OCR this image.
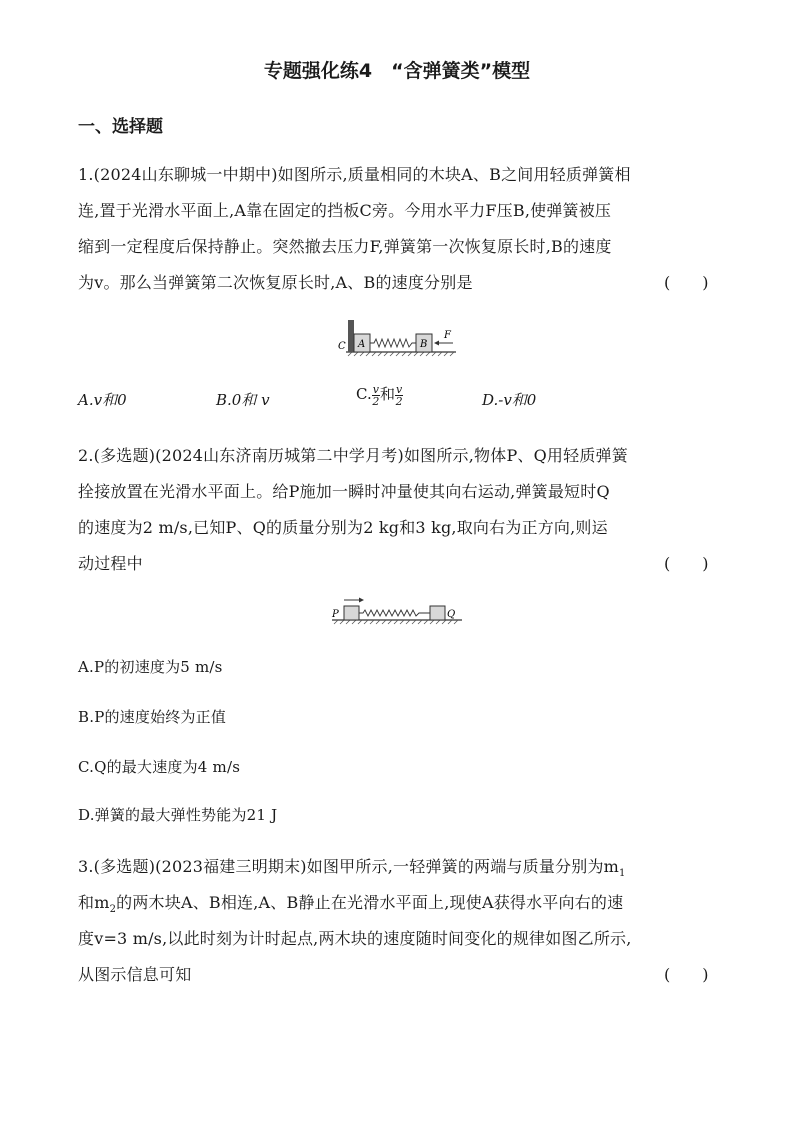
专题强化练4　“含弹簧类”模型
一、选择题
1.(2024山东聊城一中期中)如图所示,质量相同的木块A、B之间用轻质弹簧相
连,置于光滑水平面上,A靠在固定的挡板C旁。今用水平力F压B,使弹簧被压
缩到一定程度后保持静止。突然撤去压力F,弹簧第一次恢复原长时,B的速度
为v。那么当弹簧第二次恢复原长时,A、B的速度分别是	(　　)
C A	B
F
A.v和0	B.0和 v	C. $\frac{v}{2}$ 和 $\frac{v}{2}$	D.-v和0
2.(多选题)(2024山东济南历城第二中学月考)如图所示,物体P、Q用轻质弹簧
拴接放置在光滑水平面上。给P施加一瞬时冲量使其向右运动,弹簧最短时Q
的速度为2 m/s,已知P、Q的质量分别为2 kg和3 kg,取向右为正方向,则运
动过程中	(　　)
P	Q
A.P的初速度为5 m/s
B.P的速度始终为正值
C.Q的最大速度为4 m/s
D.弹簧的最大弹性势能为21 J
3.(多选题)(2023福建三明期末)如图甲所示,一轻弹簧的两端与质量分别为$m_1$
和$m_2$的两木块A、B相连,A、B静止在光滑水平面上,现使A获得水平向右的速
度v=3 m/s,以此时刻为计时起点,两木块的速度随时间变化的规律如图乙所示,
从图示信息可知	(　　)
